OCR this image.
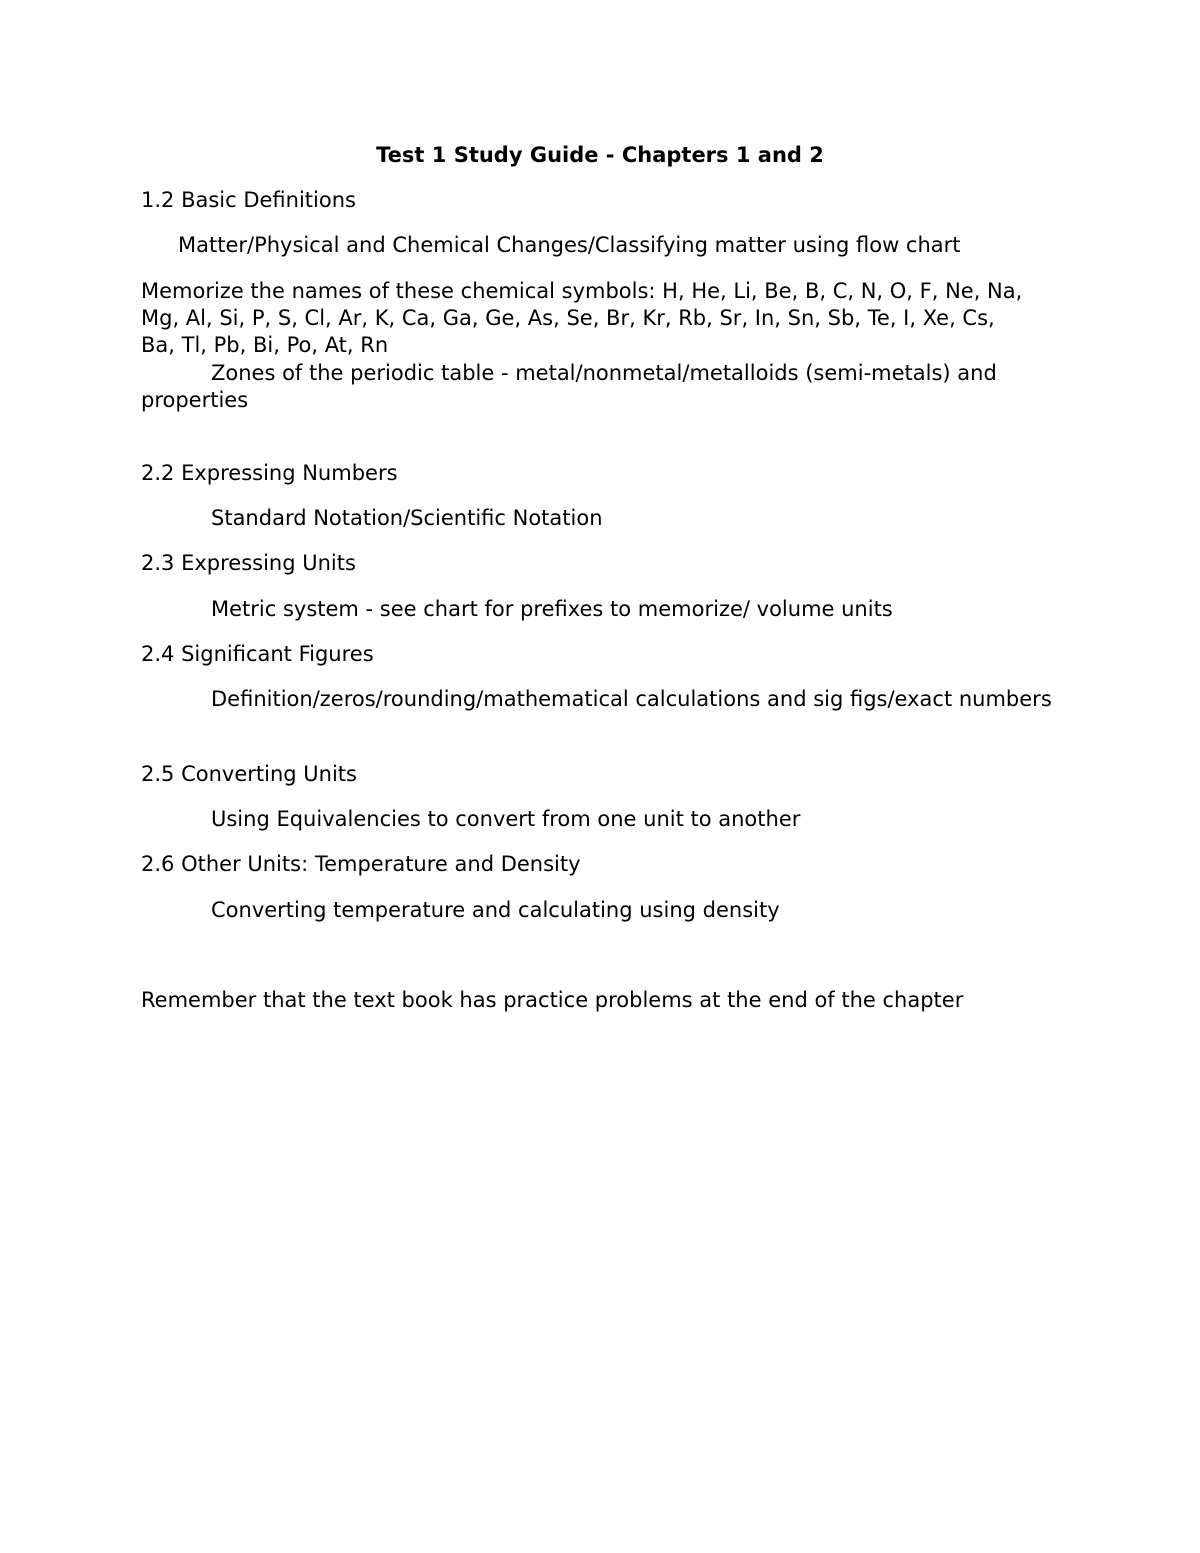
Test 1 Study Guide - Chapters 1 and 2
1.2 Basic Definitions
Matter/Physical and Chemical Changes/Classifying matter using flow chart
Memorize the names of these chemical symbols: H, He, Li, Be, B, C, N, O, F, Ne, Na,
Mg, Al, Si, P, S, Cl, Ar, K, Ca, Ga, Ge, As, Se, Br, Kr, Rb, Sr, In, Sn, Sb, Te, I, Xe, Cs,
Ba, Tl, Pb, Bi, Po, At, Rn
Zones of the periodic table - metal/nonmetal/metalloids (semi-metals) and properties
2.2 Expressing Numbers
Standard Notation/Scientific Notation
2.3 Expressing Units
Metric system - see chart for prefixes to memorize/ volume units
2.4 Significant Figures
Definition/zeros/rounding/mathematical calculations and sig figs/exact numbers
2.5 Converting Units
Using Equivalencies to convert from one unit to another
2.6 Other Units: Temperature and Density
Converting temperature and calculating using density
Remember that the text book has practice problems at the end of the chapter
